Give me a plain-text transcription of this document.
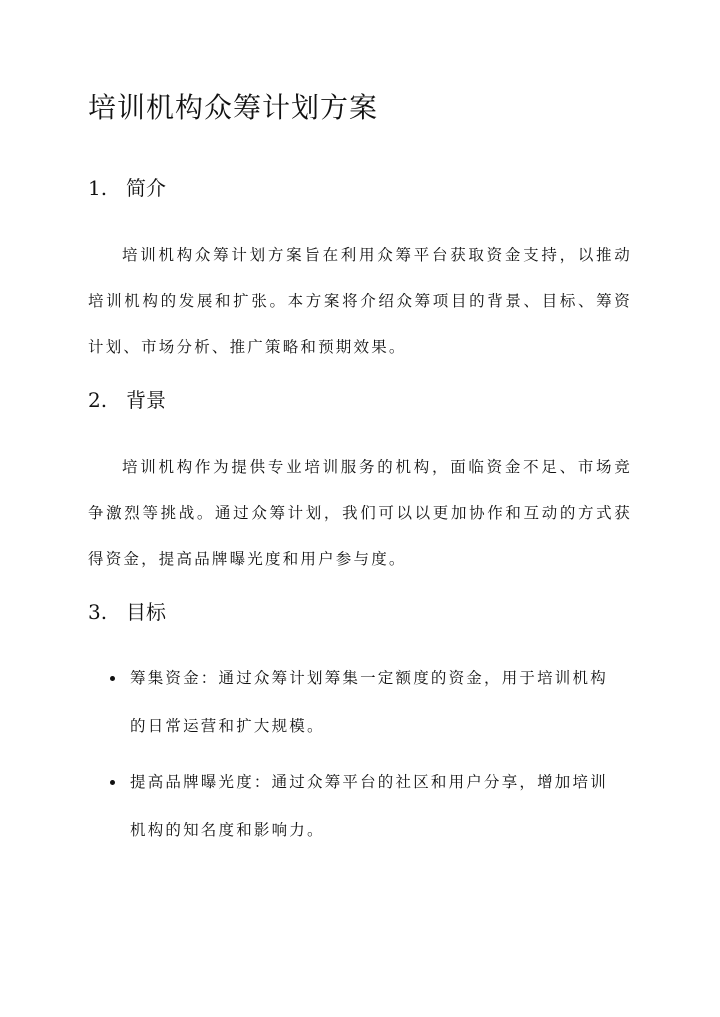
培训机构众筹计划方案
1. 简介

培训机构众筹计划方案旨在利用众筹平台获取资金支持，以推动培训机构的发展和扩张。本方案将介绍众筹项目的背景、目标、筹资计划、市场分析、推广策略和预期效果。

2. 背景

培训机构作为提供专业培训服务的机构，面临资金不足、市场竞争激烈等挑战。通过众筹计划，我们可以以更加协作和互动的方式获得资金，提高品牌曝光度和用户参与度。

3. 目标
筹集资金：通过众筹计划筹集一定额度的资金，用于培训机构的日常运营和扩大规模。
提高品牌曝光度：通过众筹平台的社区和用户分享，增加培训机构的知名度和影响力。
